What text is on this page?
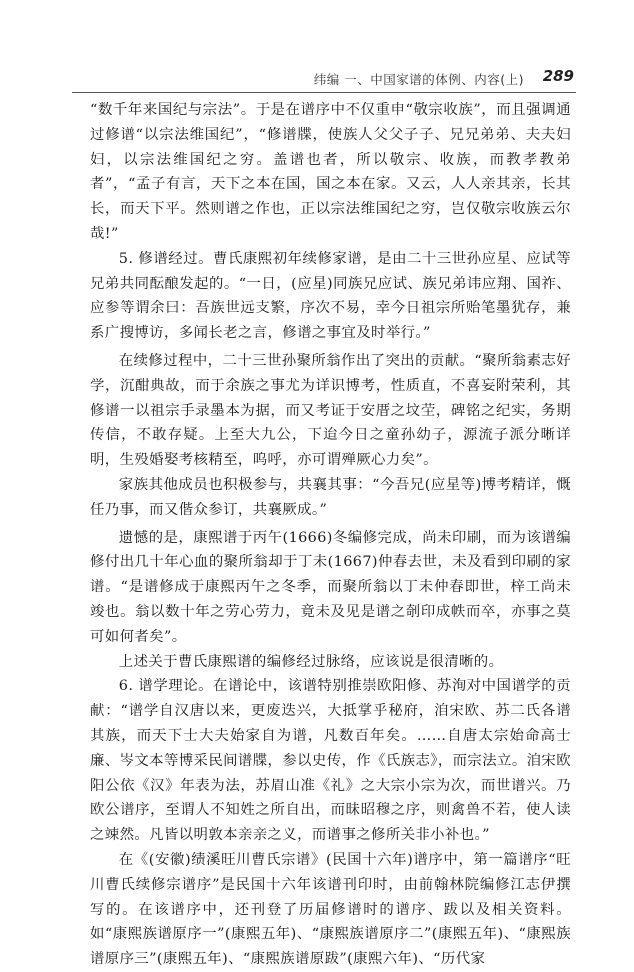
纬编 一、中国家谱的体例、内容(上) 289

“数千年来国纪与宗法”。于是在谱序中不仅重申“敬宗收族”，而且强调通过修谱“以宗法维国纪”，“修谱牒，使族人父父子子、兄兄弟弟、夫夫妇妇，以宗法维国纪之穷。盖谱也者，所以敬宗、收族，而教孝教弟者”，“孟子有言，天下之本在国，国之本在家。又云，人人亲其亲，长其长，而天下平。然则谱之作也，正以宗法维国纪之穷，岂仅敬宗收族云尔哉!”

5. 修谱经过。曹氏康熙初年续修家谱，是由二十三世孙应星、应试等兄弟共同酝酿发起的。“一日，(应星)同族兄应试、族兄弟讳应翔、国祚、应参等谓余曰：吾族世远支繁，序次不易，幸今日祖宗所贻笔墨犹存，兼系广搜博访，多闻长老之言，修谱之事宜及时举行。”

在续修过程中，二十三世孙聚所翁作出了突出的贡献。“聚所翁素志好学，沉酣典故，而于余族之事尤为详识博考，性质直，不喜妄附荣利，其修谱一以祖宗手录墨本为据，而又考证于安厝之坟茔，碑铭之纪实，务期传信，不敢存疑。上至大九公，下迨今日之童孙幼子，源流子派分晰详明，生殁婚娶考核精至，呜呼，亦可谓殚厥心力矣”。

家族其他成员也积极参与，共襄其事：“今吾兄(应星等)博考精详，慨任乃事，而又偕众参订，共襄厥成。”

遗憾的是，康熙谱于丙午(1666)冬编修完成，尚未印刷，而为该谱编修付出几十年心血的聚所翁却于丁未(1667)仲春去世，未及看到印刷的家谱。“是谱修成于康熙丙午之冬季，而聚所翁以丁未仲春即世，梓工尚未竣也。翁以数十年之劳心劳力，竟未及见是谱之剞印成帙而卒，亦事之莫可如何者矣”。

上述关于曹氏康熙谱的编修经过脉络，应该说是很清晰的。

6. 谱学理论。在谱论中，该谱特别推崇欧阳修、苏洵对中国谱学的贡献：“谱学自汉唐以来，更废迭兴，大抵掌乎秘府，洎宋欧、苏二氏各谱其族，而天下士大夫始家自为谱，凡数百年矣。……自唐太宗始命高士廉、岑文本等博采民间谱牒，参以史传，作《氏族志》，而宗法立。洎宋欧阳公依《汉》年表为法，苏眉山准《礼》之大宗小宗为次，而世谱兴。乃欧公谱序，至谓人不知姓之所自出，而昧昭穆之序，则禽兽不若，使人读之竦然。凡皆以明敦本亲亲之义，而谱事之修所关非小补也。”

在《(安徽)绩溪旺川曹氏宗谱》(民国十六年)谱序中，第一篇谱序“旺川曹氏续修宗谱序”是民国十六年该谱刊印时，由前翰林院编修江志伊撰写的。在该谱序中，还刊登了历届修谱时的谱序、跋以及相关资料。如“康熙族谱原序一”(康熙五年)、“康熙族谱原序二”(康熙五年)、“康熙族谱原序三”(康熙五年)、“康熙族谱原跋”(康熙六年)、“历代家
